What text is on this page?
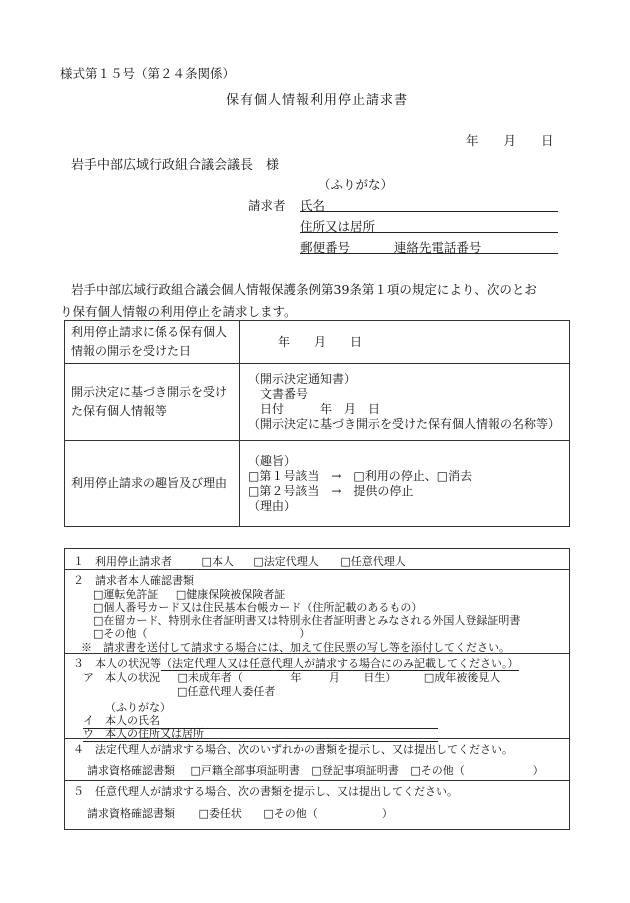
様式第１５号（第２４条関係）
保有個人情報利用停止請求書
年　　月　　日
岩手中部広域行政組合議会議長　様
（ふりがな）
請求者 氏名
住所又は居所
郵便番号	連絡先電話番号
岩手中部広域行政組合議会個人情報保護条例第39条第１項の規定により、次のとお
り保有個人情報の利用停止を請求します。
利用停止請求に係る保有個人情報の開示を受けた日	年　　月　　日
開示決定に基づき開示を受けた保有個人情報等	（開示決定通知書）
文書番号
日付　　　年　月　日
（開示決定に基づき開示を受けた保有個人情報の名称等）

利用停止請求の趣旨及び理由	（趣旨）
□第１号該当　→　□利用の停止、□消去
□第２号該当　→　提供の停止
（理由）
１　利用停止請求者	□本人 □法定代理人 □任意代理人
２　請求者本人確認書類
□運転免許証 □健康保険被保険者証
□個人番号カード又は住民基本台帳カード（住所記載のあるもの）
□在留カード、特別永住者証明書又は特別永住者証明書とみなされる外国人登録証明書
□その他（	）
※　請求書を送付して請求する場合には、加えて住民票の写し等を添付してください。
３　本人の状況等（法定代理人又は任意代理人が請求する場合にのみ記載してください。）
ア　本人の状況 □未成年者（	年	月 日生）	□成年被後見人
□任意代理人委任者
（ふりがな）
イ　本人の氏名
ウ　本人の住所又は居所
４　法定代理人が請求する場合、次のいずれかの書類を提示し、又は提出してください。
請求資格確認書類 □戸籍全部事項証明書 □登記事項証明書 □その他（	）
５　任意代理人が請求する場合、次の書類を提示し、又は提出してください。
請求資格確認書類 □委任状 □その他（	）
